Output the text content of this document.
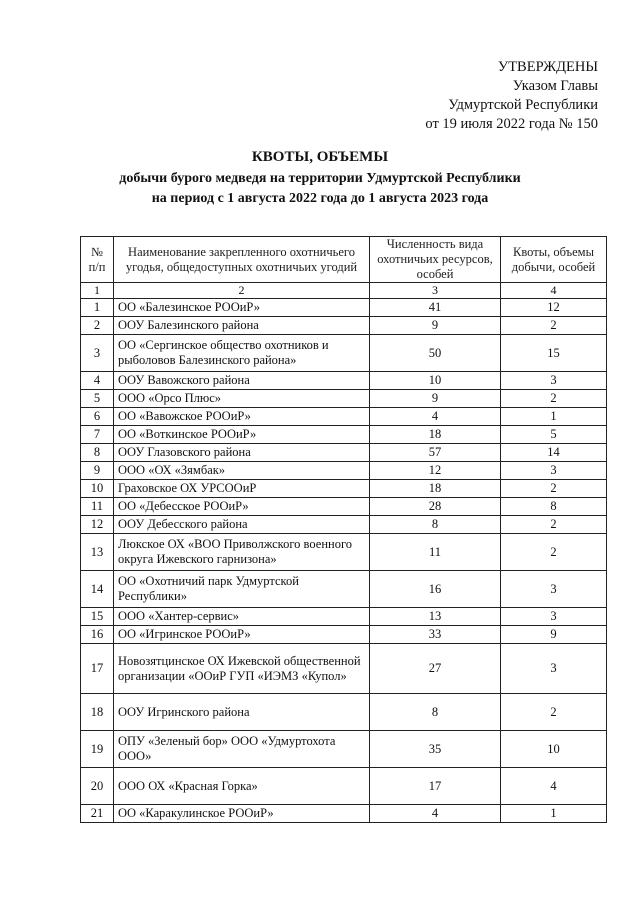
УТВЕРЖДЕНЫ
Указом Главы
Удмуртской Республики
от 19 июля 2022 года № 150
КВОТЫ, ОБЪЕМЫ
добычи бурого медведя на территории Удмуртской Республики
на период с 1 августа 2022 года до 1 августа 2023 года
№ п/п	Наименование закрепленного охотничьего угодья, общедоступных охотничьих угодий	Численность вида охотничьих ресурсов, особей	Квоты, объемы добычи, особей
1	2	3	4
1	ОО «Балезинское РООиР»	41	12
2	ООУ Балезинского района	9	2
3	ОО «Сергинское общество охотников и рыболовов Балезинского района»	50	15
4	ООУ Вавожского района	10	3
5	ООО «Орсо Плюс»	9	2
6	ОО «Вавожское РООиР»	4	1
7	ОО «Воткинское РООиР»	18	5
8	ООУ Глазовского района	57	14
9	ООО «ОХ «Зямбак»	12	3
10	Граховское ОХ УРСООиР	18	2
11	ОО «Дебесское РООиР»	28	8
12	ООУ Дебесского района	8	2
13	Люкское ОХ «ВОО Приволжского военного округа Ижевского гарнизона»	11	2
14	ОО «Охотничий парк Удмуртской Республики»	16	3
15	ООО «Хантер-сервис»	13	3
16	ОО «Игринское РООиР»	33	9
17	Новозятцинское ОХ Ижевской общественной организации «ООиР ГУП «ИЭМЗ «Купол»	27	3
18	ООУ Игринского района	8	2
19	ОПУ «Зеленый бор» ООО «Удмуртохота ООО»	35	10
20	ООО ОХ «Красная Горка»	17	4
21	ОО «Каракулинское РООиР»	4	1
